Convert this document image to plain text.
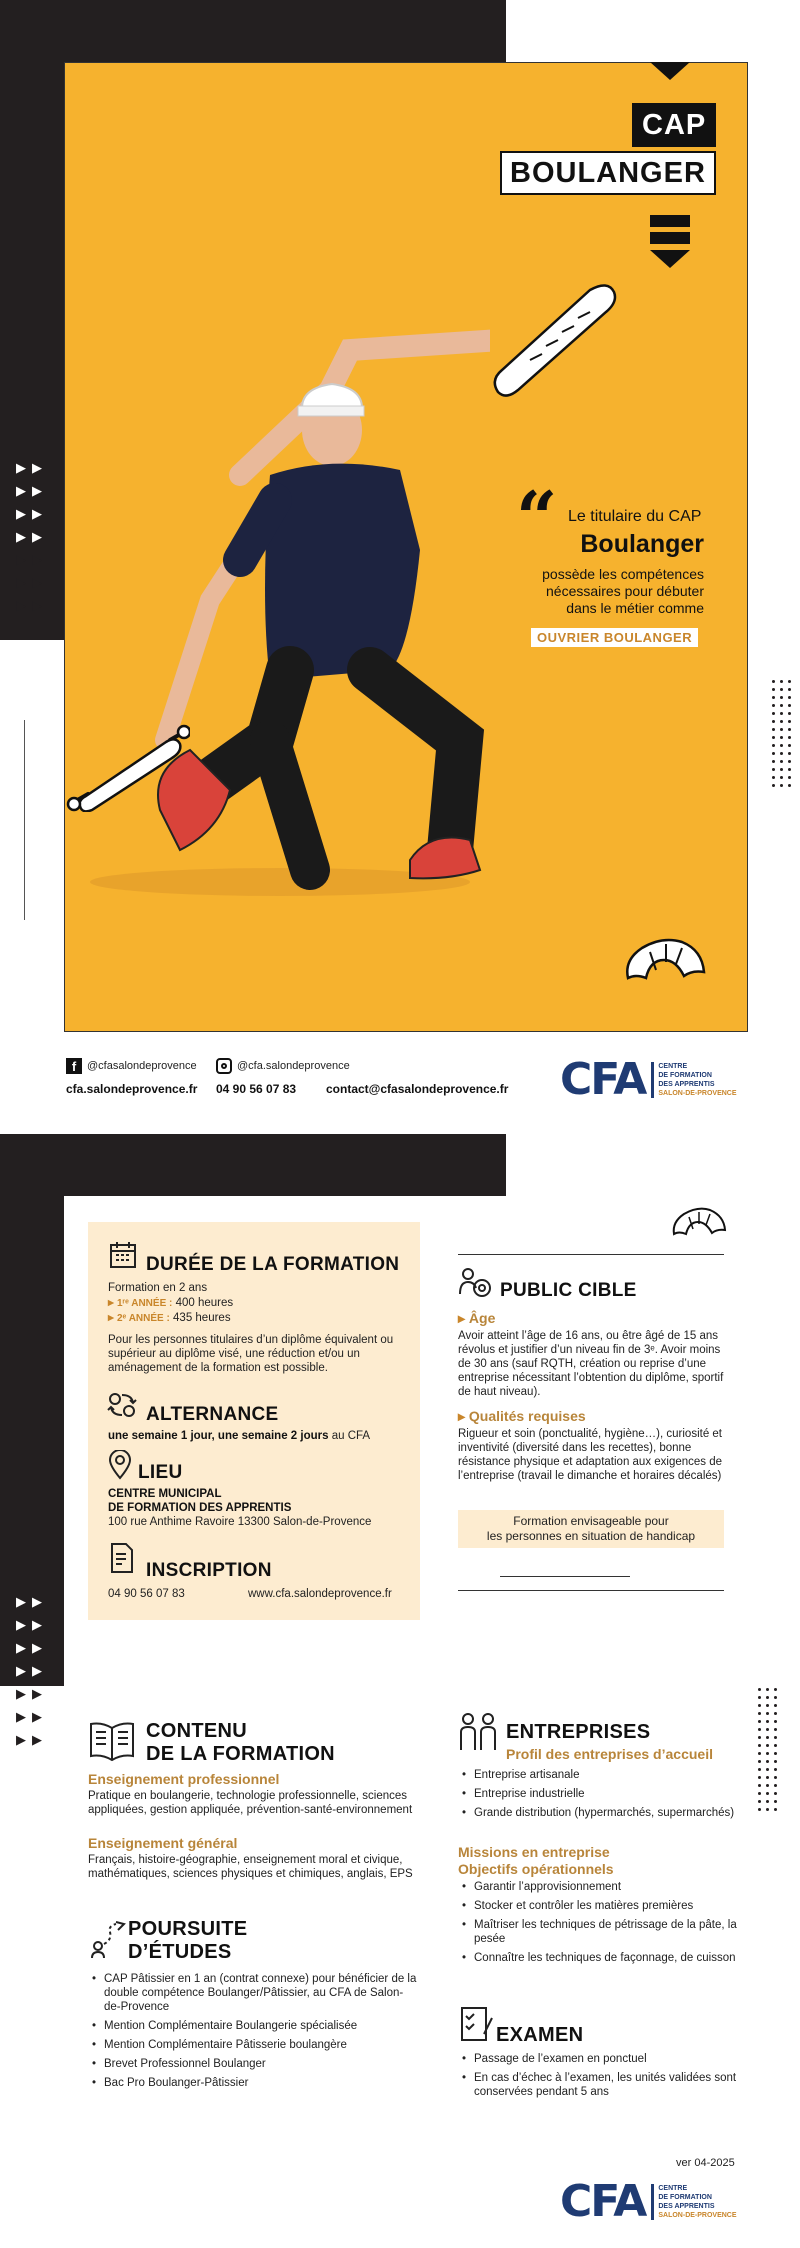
CAP
BOULANGER
▶▶
▶▶
▶▶
▶▶
▶▶
▶▶
▶▶
“ Le titulaire du CAP
Boulanger
possède les compétences
nécessaires pour débuter
dans le métier comme
OUVRIER BOULANGER
f @cfasalondeprovence	@cfa.salondeprovence
cfa.salondeprovence.fr 04 90 56 07 83 contact@cfasalondeprovence.fr CFA CENTRE
DE FORMATION
DES APPRENTIS
SALON-DE-PROVENCE
▶▶
▶▶
▶▶
▶▶
▶▶
▶▶
▶▶
DURÉE DE LA FORMATION
Formation en 2 ans
▸ 1ʳᵉ ANNÉE : 400 heures
▸ 2ᵉ ANNÉE : 435 heures
Pour les personnes titulaires d’un diplôme équivalent ou supérieur au diplôme visé, une réduction et/ou un aménagement de la formation est possible.
ALTERNANCE
une semaine 1 jour, une semaine 2 jours au CFA
LIEU
CENTRE MUNICIPAL
DE FORMATION DES APPRENTIS
100 rue Anthime Ravoire 13300 Salon-de-Provence
INSCRIPTION
04 90 56 07 83	www.cfa.salondeprovence.fr
PUBLIC CIBLE
▸ Âge
Avoir atteint l’âge de 16 ans, ou être âgé de 15 ans révolus et justifier d’un niveau fin de 3ᵉ. Avoir moins de 30 ans (sauf RQTH, création ou reprise d’une entreprise nécessitant l’obtention du diplôme, sportif de haut niveau).
▸ Qualités requises
Rigueur et soin (ponctualité, hygiène…), curiosité et inventivité (diversité dans les recettes), bonne résistance physique et adaptation aux exigences de l’entreprise (travail le dimanche et horaires décalés)
Formation envisageable pour
les personnes en situation de handicap
CONTENU
DE LA FORMATION
Enseignement professionnel
Pratique en boulangerie, technologie professionnelle, sciences appliquées, gestion appliquée, prévention-santé-environnement
Enseignement général
Français, histoire-géographie, enseignement moral et civique, mathématiques, sciences physiques et chimiques, anglais, EPS
POURSUITE
D’ÉTUDES
• CAP Pâtissier en 1 an (contrat connexe) pour bénéficier de la double compétence Boulanger/Pâtissier, au CFA de Salon-de-Provence
• Mention Complémentaire Boulangerie spécialisée
• Mention Complémentaire Pâtisserie boulangère
• Brevet Professionnel Boulanger
• Bac Pro Boulanger-Pâtissier
ENTREPRISES
Profil des entreprises d’accueil
• Entreprise artisanale
• Entreprise industrielle
• Grande distribution (hypermarchés, supermarchés)
Missions en entreprise
Objectifs opérationnels
• Garantir l’approvisionnement
• Stocker et contrôler les matières premières
• Maîtriser les techniques de pétrissage de la pâte, la pesée
• Connaître les techniques de façonnage, de cuisson
EXAMEN
• Passage de l’examen en ponctuel
• En cas d’échec à l’examen, les unités validées sont conservées pendant 5 ans
ver 04-2025
CFA CENTRE
DE FORMATION
DES APPRENTIS
SALON-DE-PROVENCE
